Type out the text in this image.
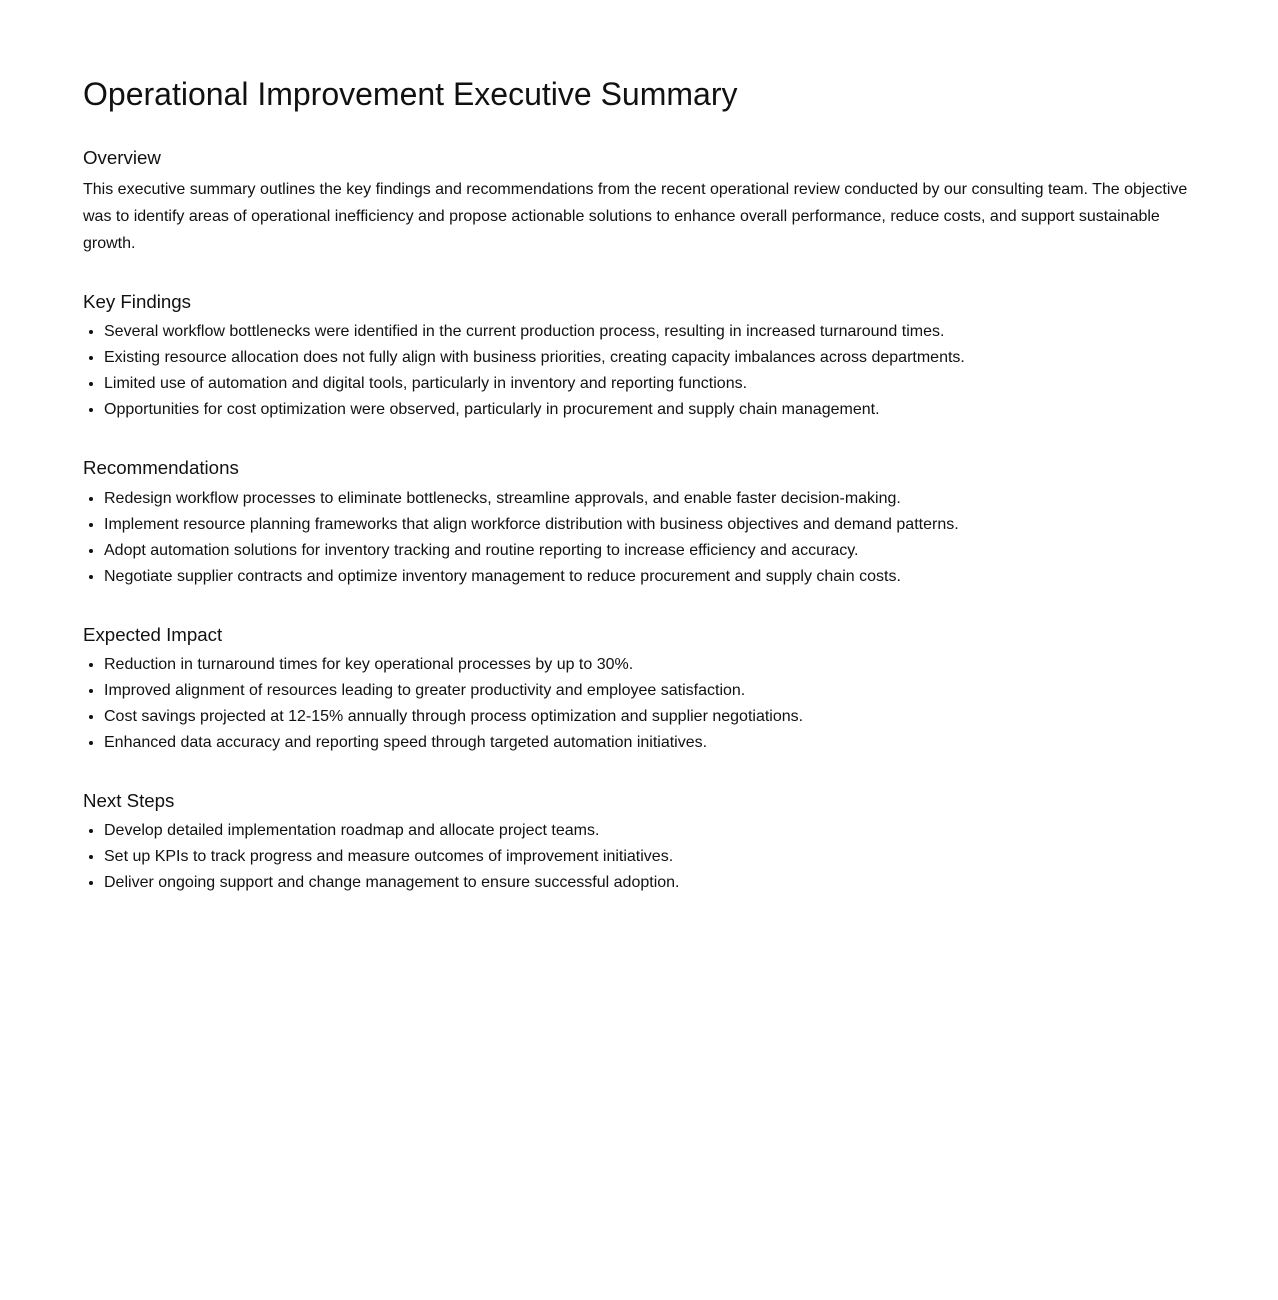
Operational Improvement Executive Summary
Overview

This executive summary outlines the key findings and recommendations from the recent operational review conducted by our consulting team. The objective was to identify areas of operational inefficiency and propose actionable solutions to enhance overall performance, reduce costs, and support sustainable growth.

Key Findings
• Several workflow bottlenecks were identified in the current production process, resulting in increased turnaround times.
• Existing resource allocation does not fully align with business priorities, creating capacity imbalances across departments.
• Limited use of automation and digital tools, particularly in inventory and reporting functions.
• Opportunities for cost optimization were observed, particularly in procurement and supply chain management.
Recommendations
• Redesign workflow processes to eliminate bottlenecks, streamline approvals, and enable faster decision-making.
• Implement resource planning frameworks that align workforce distribution with business objectives and demand patterns.
• Adopt automation solutions for inventory tracking and routine reporting to increase efficiency and accuracy.
• Negotiate supplier contracts and optimize inventory management to reduce procurement and supply chain costs.
Expected Impact
• Reduction in turnaround times for key operational processes by up to 30%.
• Improved alignment of resources leading to greater productivity and employee satisfaction.
• Cost savings projected at 12-15% annually through process optimization and supplier negotiations.
• Enhanced data accuracy and reporting speed through targeted automation initiatives.
Next Steps
• Develop detailed implementation roadmap and allocate project teams.
• Set up KPIs to track progress and measure outcomes of improvement initiatives.
• Deliver ongoing support and change management to ensure successful adoption.
